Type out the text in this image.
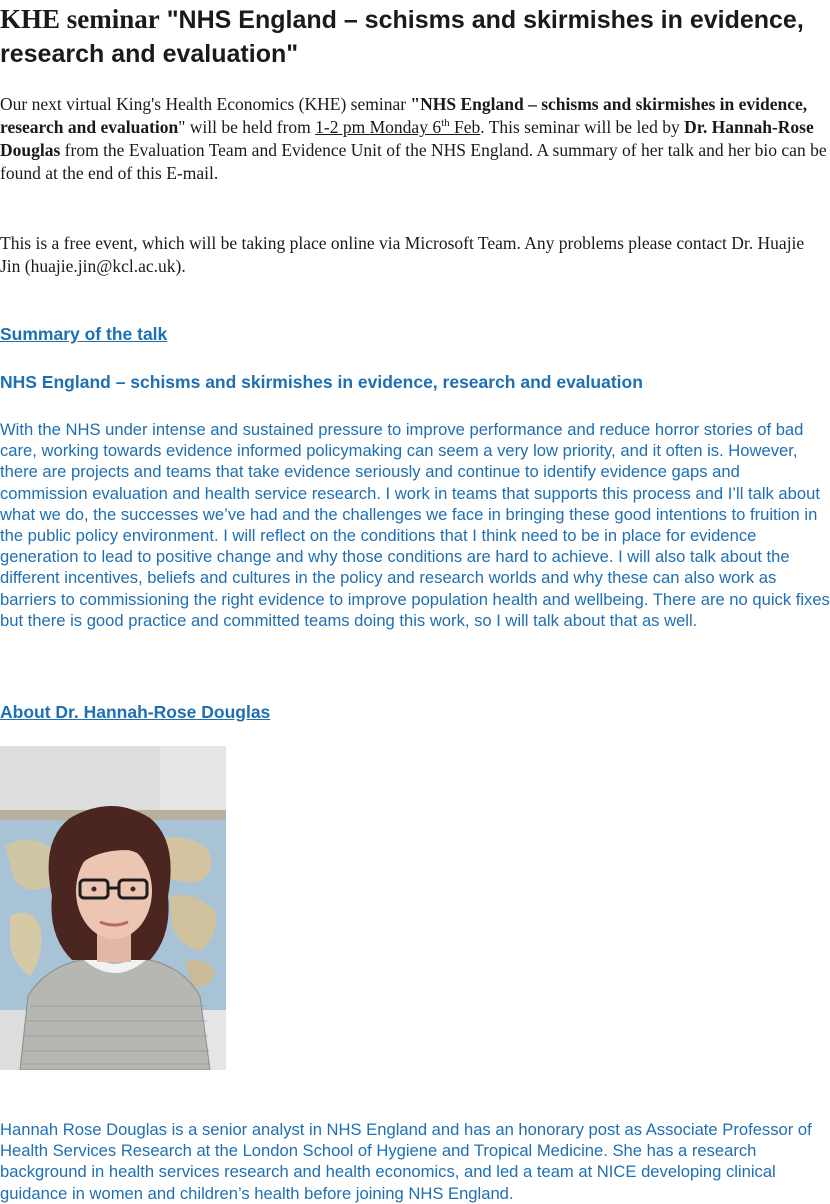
KHE seminar "NHS England – schisms and skirmishes in evidence, research and evaluation"

Our next virtual King's Health Economics (KHE) seminar "NHS England – schisms and skirmishes in evidence, research and evaluation" will be held from 1-2 pm Monday 6th Feb. This seminar will be led by Dr. Hannah-Rose Douglas from the Evaluation Team and Evidence Unit of the NHS England. A summary of her talk and her bio can be found at the end of this E-mail.

This is a free event, which will be taking place online via Microsoft Team. Any problems please contact Dr. Huajie Jin (huajie.jin@kcl.ac.uk).

Summary of the talk
NHS England – schisms and skirmishes in evidence, research and evaluation

With the NHS under intense and sustained pressure to improve performance and reduce horror stories of bad care, working towards evidence informed policymaking can seem a very low priority, and it often is. However, there are projects and teams that take evidence seriously and continue to identify evidence gaps and commission evaluation and health service research. I work in teams that supports this process and I’ll talk about what we do, the successes we’ve had and the challenges we face in bringing these good intentions to fruition in the public policy environment. I will reflect on the conditions that I think need to be in place for evidence generation to lead to positive change and why those conditions are hard to achieve. I will also talk about the different incentives, beliefs and cultures in the policy and research worlds and why these can also work as barriers to commissioning the right evidence to improve population health and wellbeing. There are no quick fixes but there is good practice and committed teams doing this work, so I will talk about that as well.

About Dr. Hannah-Rose Douglas

Hannah Rose Douglas is a senior analyst in NHS England and has an honorary post as Associate Professor of Health Services Research at the London School of Hygiene and Tropical Medicine. She has a research background in health services research and health economics, and led a team at NICE developing clinical guidance in women and children’s health before joining NHS England.
